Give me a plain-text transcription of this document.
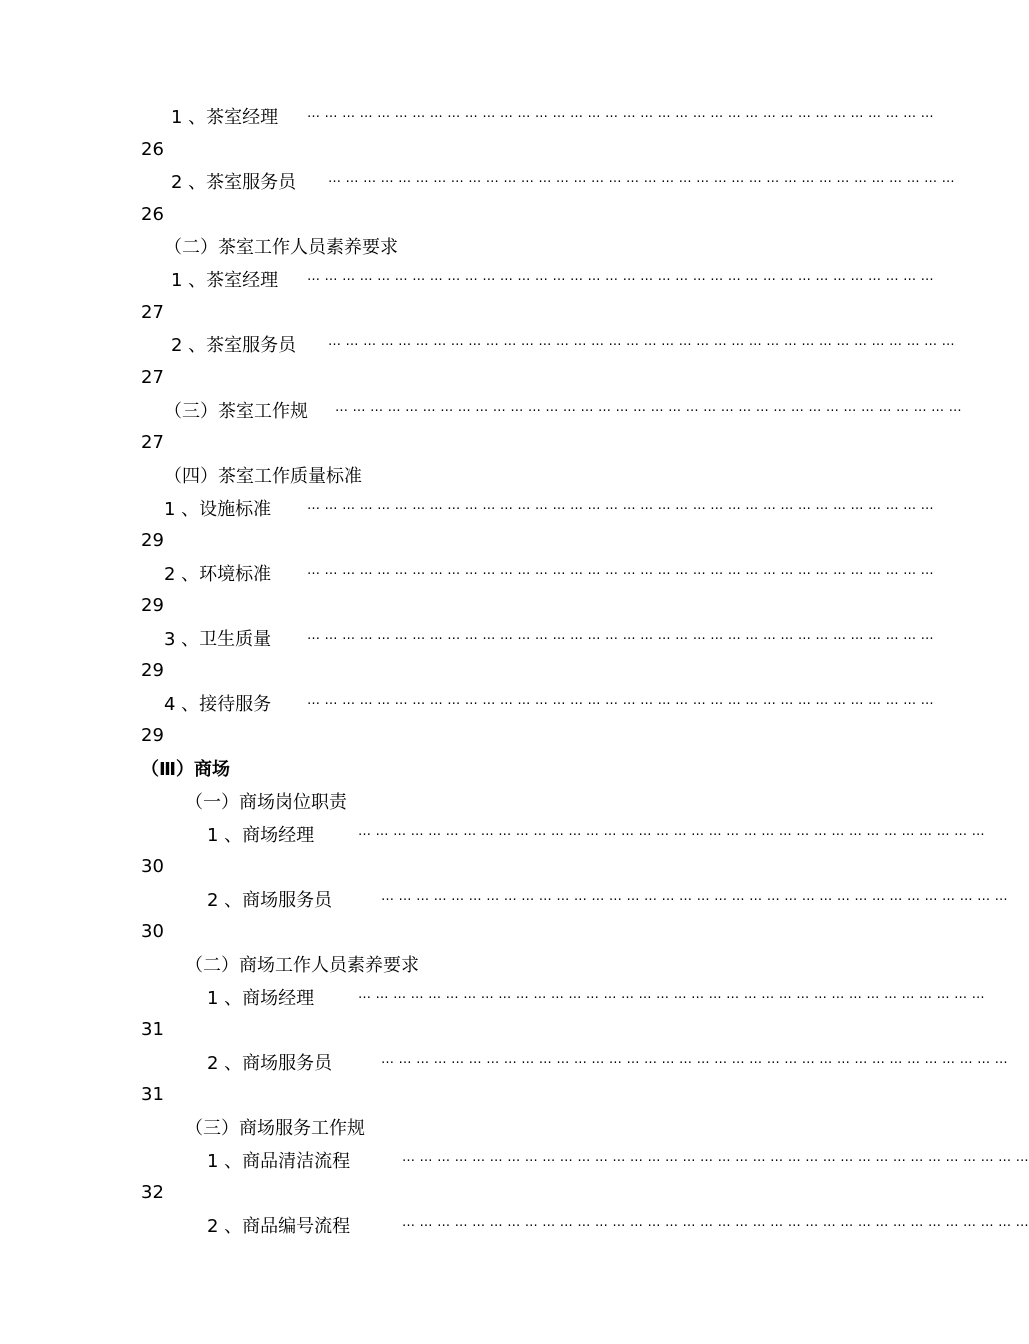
1 、茶室经理 … … … … … … … … … … … … … … … … … … … … … … … … … … … … … … … … … … … …
26
2 、茶室服务员 … … … … … … … … … … … … … … … … … … … … … … … … … … … … … … … … … … … …
26
（二）茶室工作人员素养要求
1 、茶室经理 … … … … … … … … … … … … … … … … … … … … … … … … … … … … … … … … … … … …
27
2 、茶室服务员 … … … … … … … … … … … … … … … … … … … … … … … … … … … … … … … … … … … …
27
（三）茶室工作规 … … … … … … … … … … … … … … … … … … … … … … … … … … … … … … … … … … … …
27
（四）茶室工作质量标准
1 、设施标准	… … … … … … … … … … … … … … … … … … … … … … … … … … … … … … … … … … … …
29
2 、环境标准	… … … … … … … … … … … … … … … … … … … … … … … … … … … … … … … … … … … …
29
3 、卫生质量	… … … … … … … … … … … … … … … … … … … … … … … … … … … … … … … … … … … …
29
4 、接待服务	… … … … … … … … … … … … … … … … … … … … … … … … … … … … … … … … … … … …
29
（Ⅲ）商场
（一）商场岗位职责
1 、商场经理	… … … … … … … … … … … … … … … … … … … … … … … … … … … … … … … … … … … …
30
2 、商场服务员	… … … … … … … … … … … … … … … … … … … … … … … … … … … … … … … … … … … …
30
（二）商场工作人员素养要求
1 、商场经理	… … … … … … … … … … … … … … … … … … … … … … … … … … … … … … … … … … … …
31
2 、商场服务员	… … … … … … … … … … … … … … … … … … … … … … … … … … … … … … … … … … … …
31
（三）商场服务工作规
1 、商品清洁流程	… … … … … … … … … … … … … … … … … … … … … … … … … … … … … … … … … … … …
32
2 、商品编号流程	… … … … … … … … … … … … … … … … … … … … … … … … … … … … … … … … … … … …
